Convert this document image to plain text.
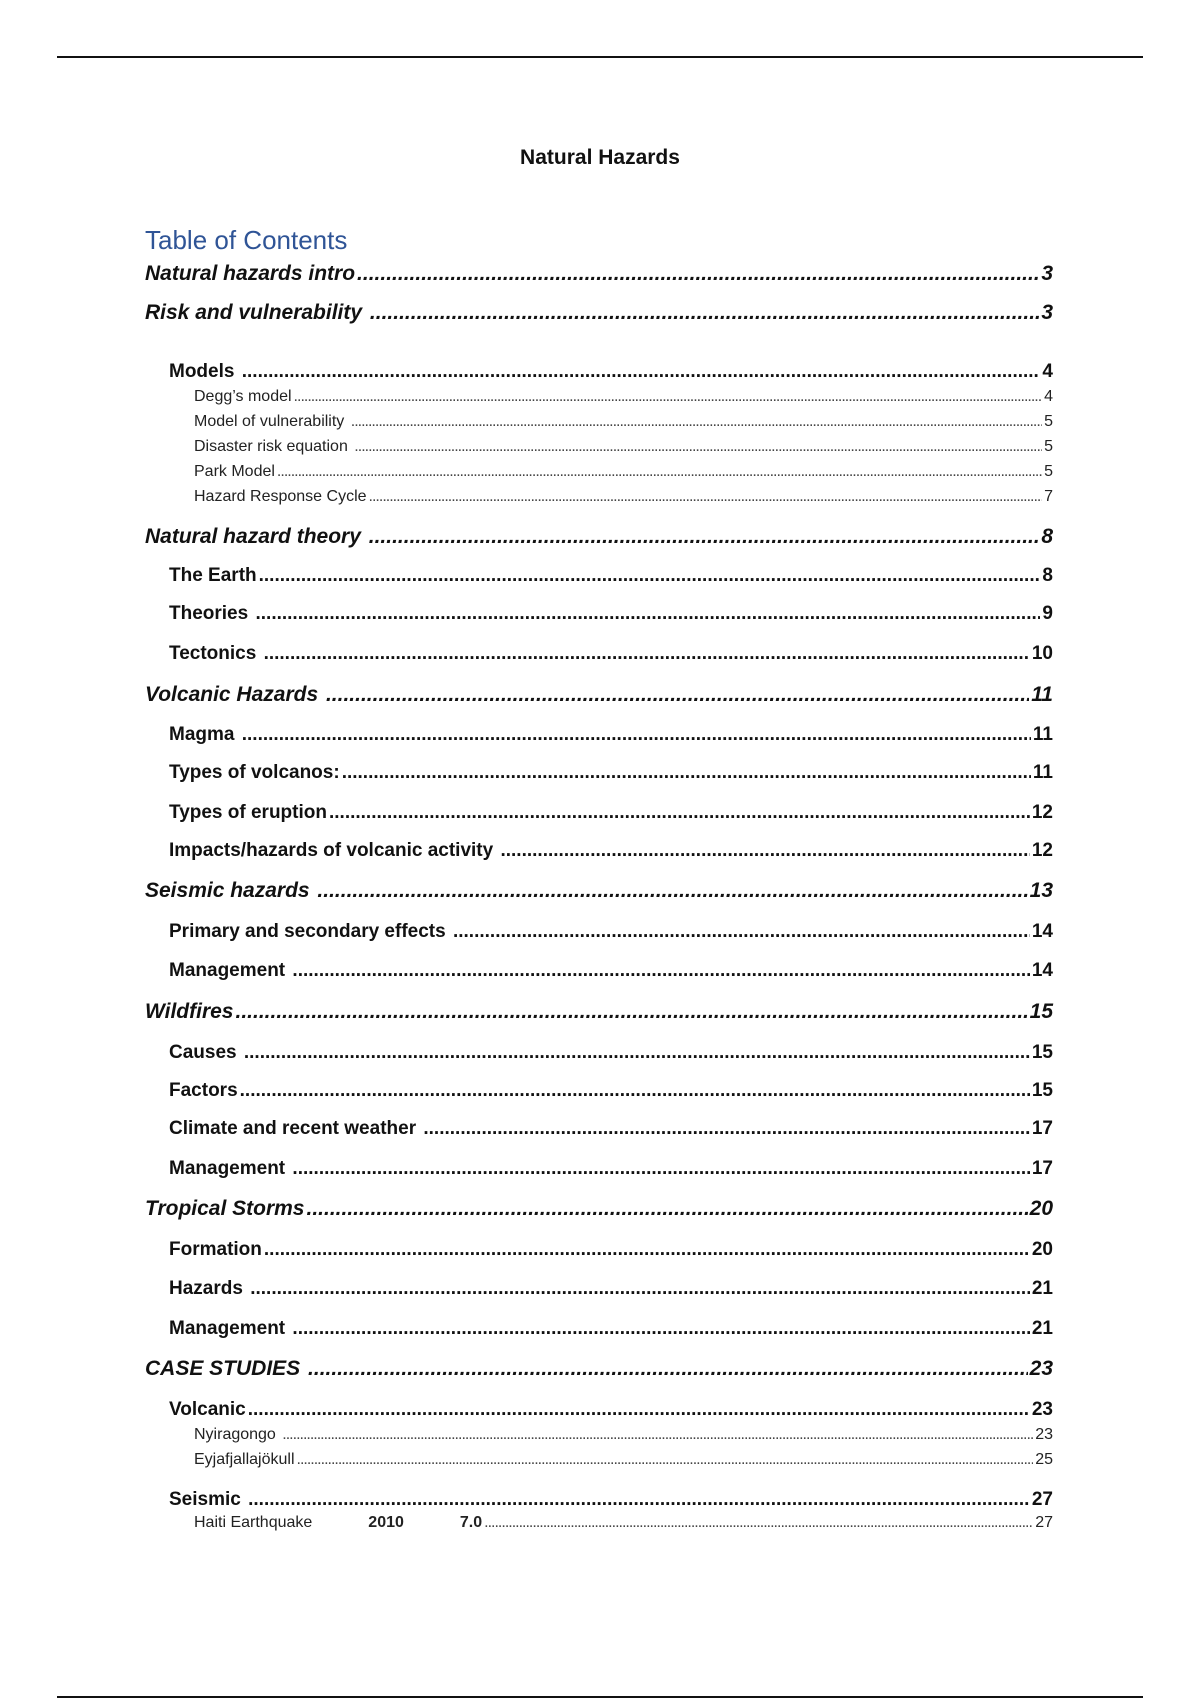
Natural Hazards
Table of Contents
Natural hazards intro .....	3
Risk and vulnerability .....	3
Models .....	4
Degg’s model .....	4
Model of vulnerability .....	5
Disaster risk equation .....	5
Park Model .....	5
Hazard Response Cycle .....	7
Natural hazard theory .....	8
The Earth .....	8
Theories .....	9
Tectonics .....	10
Volcanic Hazards .....	11
Magma .....	11
Types of volcanos: .....	11
Types of eruption .....	12
Impacts/hazards of volcanic activity .....	12
Seismic hazards .....	13
Primary and secondary effects .....	14
Management .....	14
Wildfires .....	15
Causes .....	15
Factors .....	15
Climate and recent weather .....	17
Management .....	17
Tropical Storms .....	20
Formation .....	20
Hazards .....	21
Management .....	21
CASE STUDIES .....	23
Volcanic .....	23
Nyiragongo .....	23
Eyjafjallajökull .....	25
Seismic .....	27
Haiti Earthquake	2010	7.0 .....	27
